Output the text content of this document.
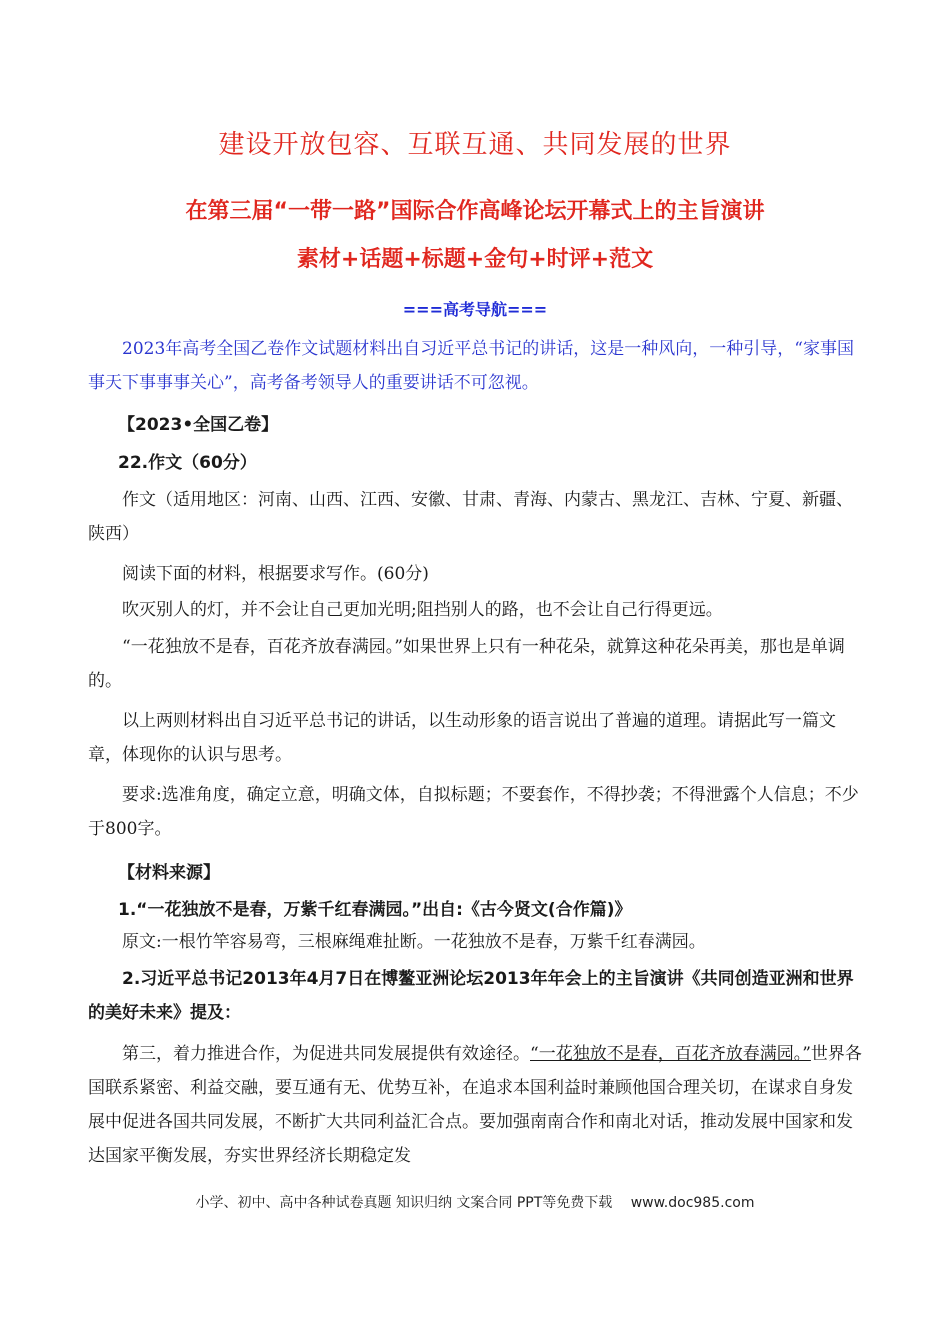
建设开放包容、互联互通、共同发展的世界
在第三届“一带一路”国际合作高峰论坛开幕式上的主旨演讲
素材+话题+标题+金句+时评+范文
===高考导航===

2023年高考全国乙卷作文试题材料出自习近平总书记的讲话，这是一种风向，一种引导，“家事国事天下事事事关心”，高考备考领导人的重要讲话不可忽视。

【2023•全国乙卷】

22.作文（60分）

作文（适用地区：河南、山西、江西、安徽、甘肃、青海、内蒙古、黑龙江、吉林、宁夏、新疆、陕西）

阅读下面的材料，根据要求写作。(60分)

吹灭别人的灯，并不会让自己更加光明;阻挡别人的路，也不会让自己行得更远。

“一花独放不是春，百花齐放春满园。”如果世界上只有一种花朵，就算这种花朵再美，那也是单调的。

以上两则材料出自习近平总书记的讲话，以生动形象的语言说出了普遍的道理。请据此写一篇文章，体现你的认识与思考。

要求:选准角度，确定立意，明确文体，自拟标题；不要套作，不得抄袭；不得泄露个人信息；不少于800字。

【材料来源】

1.“一花独放不是春，万紫千红春满园。”出自:《古今贤文(合作篇)》

原文:一根竹竿容易弯，三根麻绳难扯断。一花独放不是春，万紫千红春满园。

2.习近平总书记2013年4月7日在博鳌亚洲论坛2013年年会上的主旨演讲《共同创造亚洲和世界的美好未来》提及：

第三，着力推进合作，为促进共同发展提供有效途径。“一花独放不是春，百花齐放春满园。”世界各国联系紧密、利益交融，要互通有无、优势互补，在追求本国利益时兼顾他国合理关切，在谋求自身发展中促进各国共同发展，不断扩大共同利益汇合点。要加强南南合作和南北对话，推动发展中国家和发达国家平衡发展，夯实世界经济长期稳定发

小学、初中、高中各种试卷真题 知识归纳 文案合同 PPT等免费下载　 www.doc985.com
